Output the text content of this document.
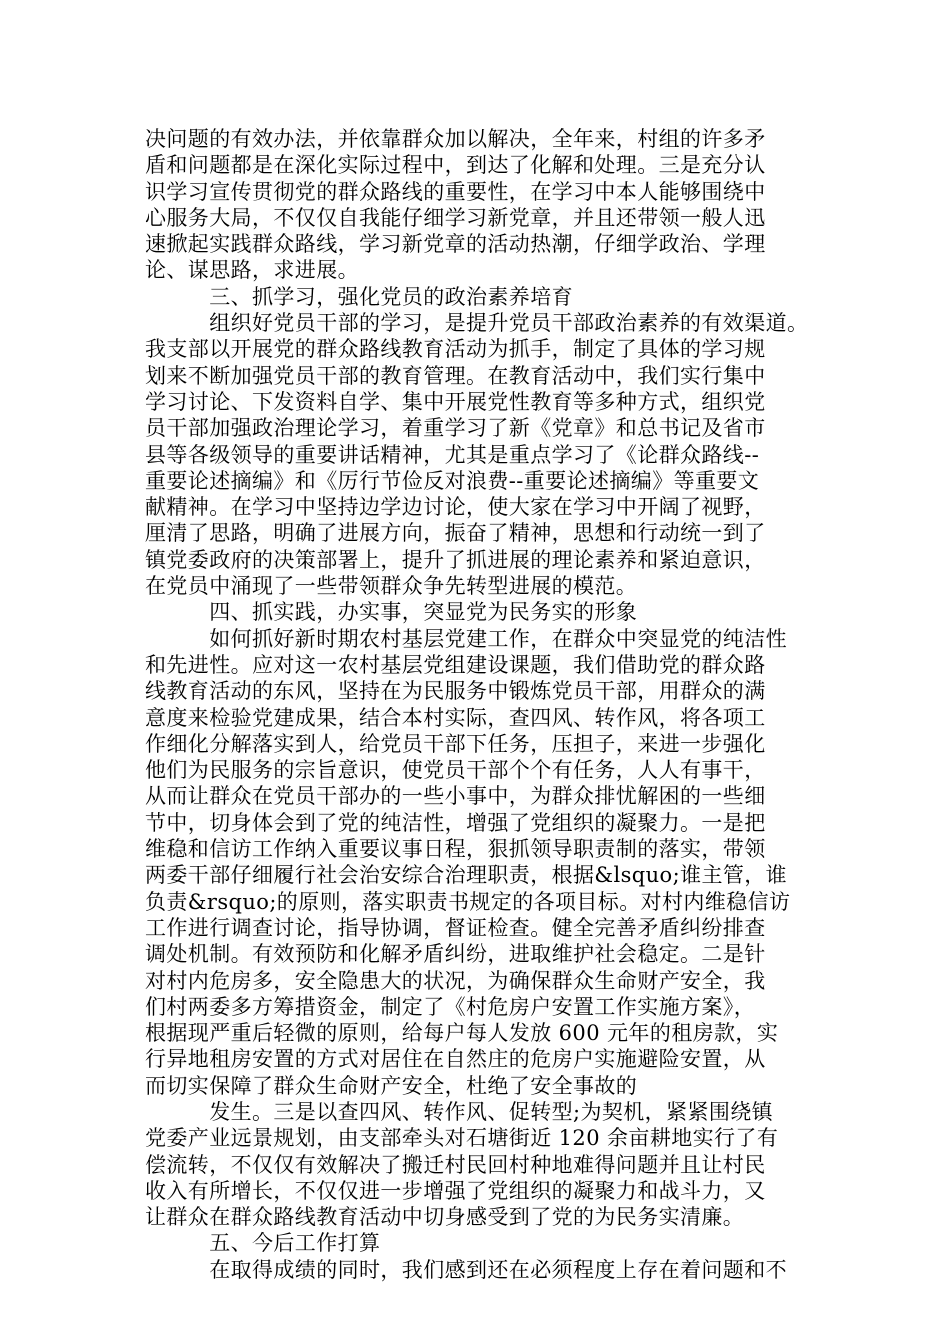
决问题的有效办法，并依靠群众加以解决，全年来，村组的许多矛
盾和问题都是在深化实际过程中，到达了化解和处理。三是充分认
识学习宣传贯彻党的群众路线的重要性，在学习中本人能够围绕中
心服务大局，不仅仅自我能仔细学习新党章，并且还带领一般人迅
速掀起实践群众路线，学习新党章的活动热潮，仔细学政治、学理
论、谋思路，求进展。
　　　三、抓学习，强化党员的政治素养培育
　　　组织好党员干部的学习，是提升党员干部政治素养的有效渠道。
我支部以开展党的群众路线教育活动为抓手，制定了具体的学习规
划来不断加强党员干部的教育管理。在教育活动中，我们实行集中
学习讨论、下发资料自学、集中开展党性教育等多种方式，组织党
员干部加强政治理论学习，着重学习了新《党章》和总书记及省市
县等各级领导的重要讲话精神，尤其是重点学习了《论群众路线--
重要论述摘编》和《厉行节俭反对浪费--重要论述摘编》等重要文
献精神。在学习中坚持边学边讨论，使大家在学习中开阔了视野，
厘清了思路，明确了进展方向，振奋了精神，思想和行动统一到了
镇党委政府的决策部署上，提升了抓进展的理论素养和紧迫意识，
在党员中涌现了一些带领群众争先转型进展的模范。
　　　四、抓实践，办实事，突显党为民务实的形象
　　　如何抓好新时期农村基层党建工作，在群众中突显党的纯洁性
和先进性。应对这一农村基层党组建设课题，我们借助党的群众路
线教育活动的东风，坚持在为民服务中锻炼党员干部，用群众的满
意度来检验党建成果，结合本村实际，查四风、转作风，将各项工
作细化分解落实到人，给党员干部下任务，压担子，来进一步强化
他们为民服务的宗旨意识，使党员干部个个有任务，人人有事干，
从而让群众在党员干部办的一些小事中，为群众排忧解困的一些细
节中，切身体会到了党的纯洁性，增强了党组织的凝聚力。一是把
维稳和信访工作纳入重要议事日程，狠抓领导职责制的落实，带领
两委干部仔细履行社会治安综合治理职责，根据&lsquo;谁主管，谁
负责&rsquo;的原则，落实职责书规定的各项目标。对村内维稳信访
工作进行调查讨论，指导协调，督证检查。健全完善矛盾纠纷排查
调处机制。有效预防和化解矛盾纠纷，进取维护社会稳定。二是针
对村内危房多，安全隐患大的状况，为确保群众生命财产安全，我
们村两委多方筹措资金，制定了《村危房户安置工作实施方案》，
根据现严重后轻微的原则，给每户每人发放 600 元年的租房款，实
行异地租房安置的方式对居住在自然庄的危房户实施避险安置，从
而切实保障了群众生命财产安全，杜绝了安全事故的
　　　发生。三是以查四风、转作风、促转型;为契机，紧紧围绕镇
党委产业远景规划，由支部牵头对石塘街近 120 余亩耕地实行了有
偿流转，不仅仅有效解决了搬迁村民回村种地难得问题并且让村民
收入有所增长，不仅仅进一步增强了党组织的凝聚力和战斗力，又
让群众在群众路线教育活动中切身感受到了党的为民务实清廉。
　　　五、今后工作打算
　　　在取得成绩的同时，我们感到还在必须程度上存在着问题和不
